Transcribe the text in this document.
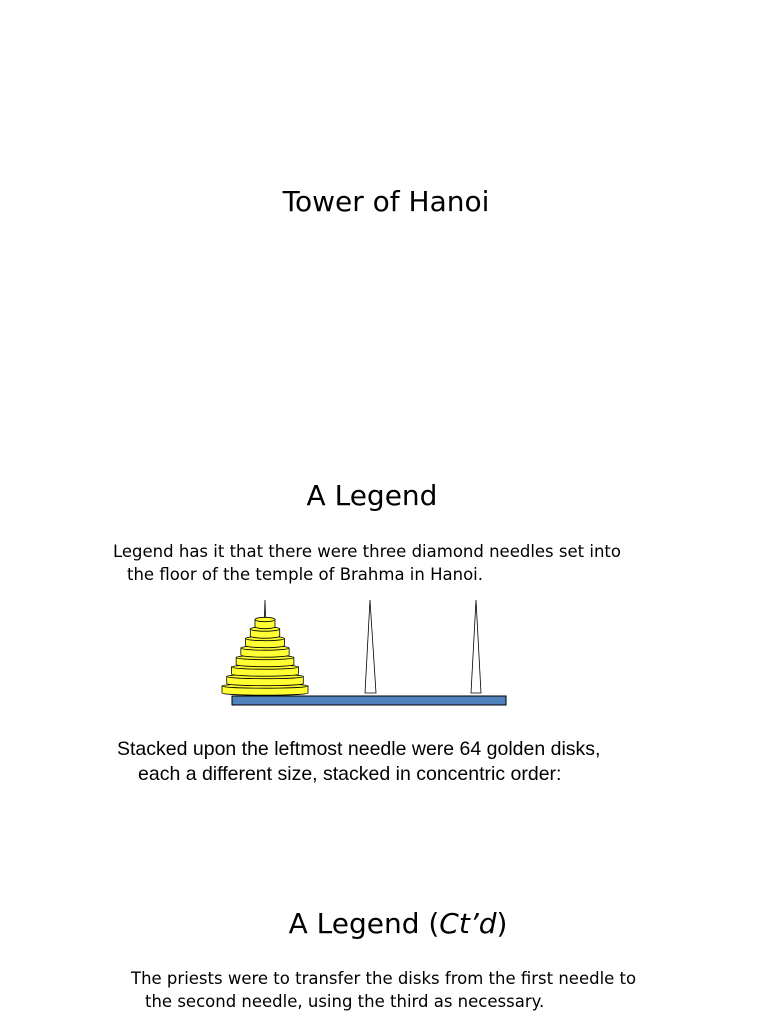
Tower of Hanoi
A Legend

Legend has it that there were three diamond needles set into
the floor of the temple of Brahma in Hanoi.

Stacked upon the leftmost needle were 64 golden disks,
each a different size, stacked in concentric order:

A Legend (Ct’d)

The priests were to transfer the disks from the first needle to
the second needle, using the third as necessary.
